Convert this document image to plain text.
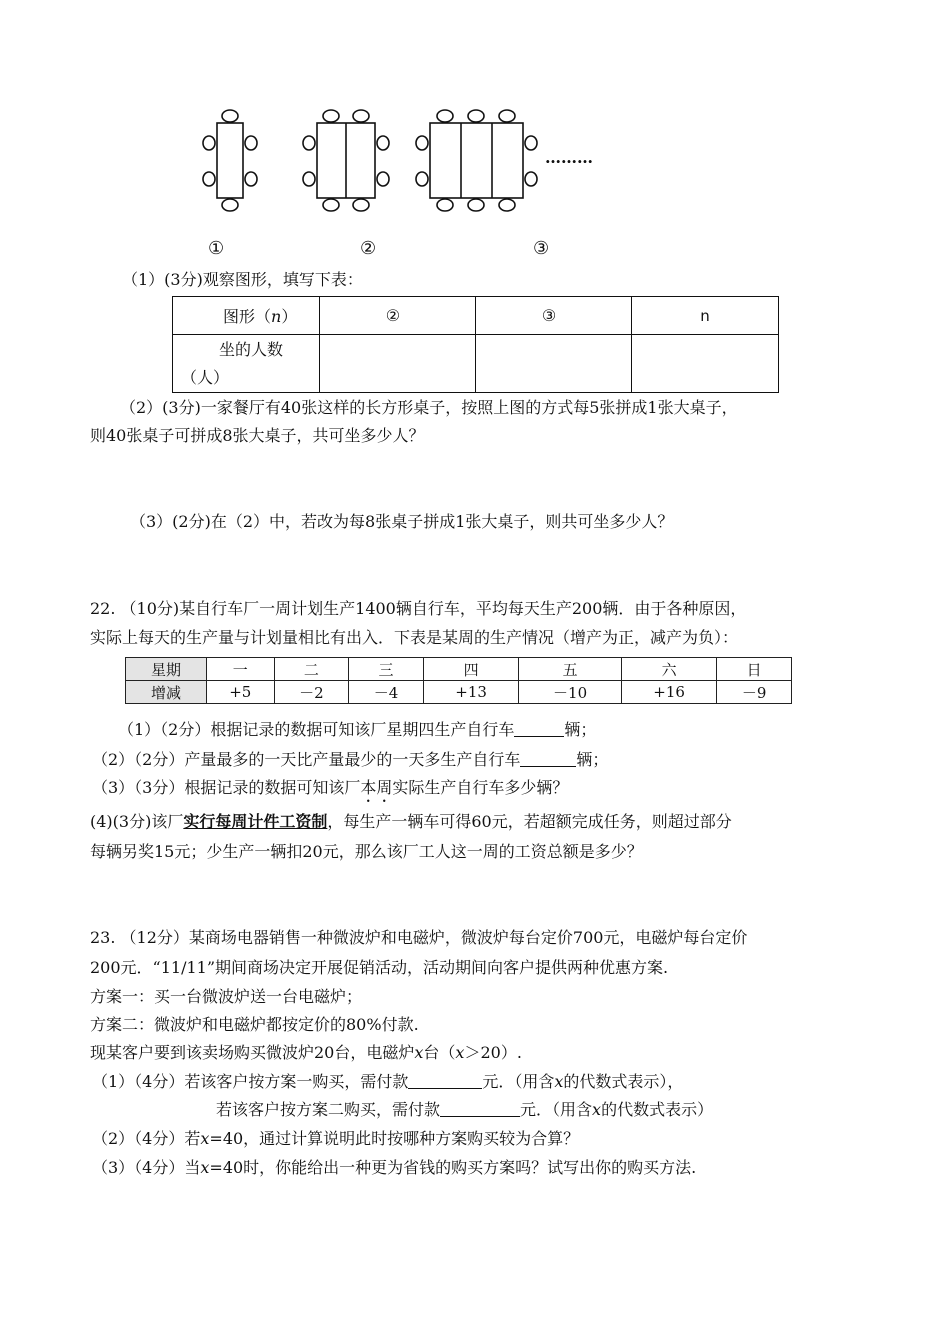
………
①	②	③
（1）(3分)观察图形，填写下表：
图形（n）	②	③	n

坐的人数
（人）			

（2）(3分)一家餐厅有40张这样的长方形桌子，按照上图的方式每5张拼成1张大桌子，
则40张桌子可拼成8张大桌子，共可坐多少人？
（3）(2分)在（2）中，若改为每8张桌子拼成1张大桌子，则共可坐多少人？
22. （10分)某自行车厂一周计划生产1400辆自行车，平均每天生产200辆．由于各种原因，
实际上每天的生产量与计划量相比有出入．下表是某周的生产情况（增产为正，减产为负）：
星期	一	二	三	四	五	六	日
增减	+5	－2	－4	+13	－10	+16	－9
（1）（2分）根据记录的数据可知该厂星期四生产自行车	辆；
（2）（2分）产量最多的一天比产量最少的一天多生产自行车	辆；
（3）（3分）根据记录的数据可知该厂本周实际生产自行车多少辆？
(4)(3分)该厂实行每周计件工资制，每生产一辆车可得60元，若超额完成任务，则超过部分
每辆另奖15元；少生产一辆扣20元，那么该厂工人这一周的工资总额是多少？
23. （12分）某商场电器销售一种微波炉和电磁炉，微波炉每台定价700元，电磁炉每台定价
200元．“11/11”期间商场决定开展促销活动，活动期间向客户提供两种优惠方案.
方案一：买一台微波炉送一台电磁炉；
方案二：微波炉和电磁炉都按定价的80%付款.
现某客户要到该卖场购买微波炉20台，电磁炉x台（x＞20）.
（1）（4分）若该客户按方案一购买，需付款	元．（用含x的代数式表示），
若该客户按方案二购买，需付款	元．（用含x的代数式表示）
（2）（4分）若x=40，通过计算说明此时按哪种方案购买较为合算？
（3）（4分）当x=40时，你能给出一种更为省钱的购买方案吗？试写出你的购买方法.
